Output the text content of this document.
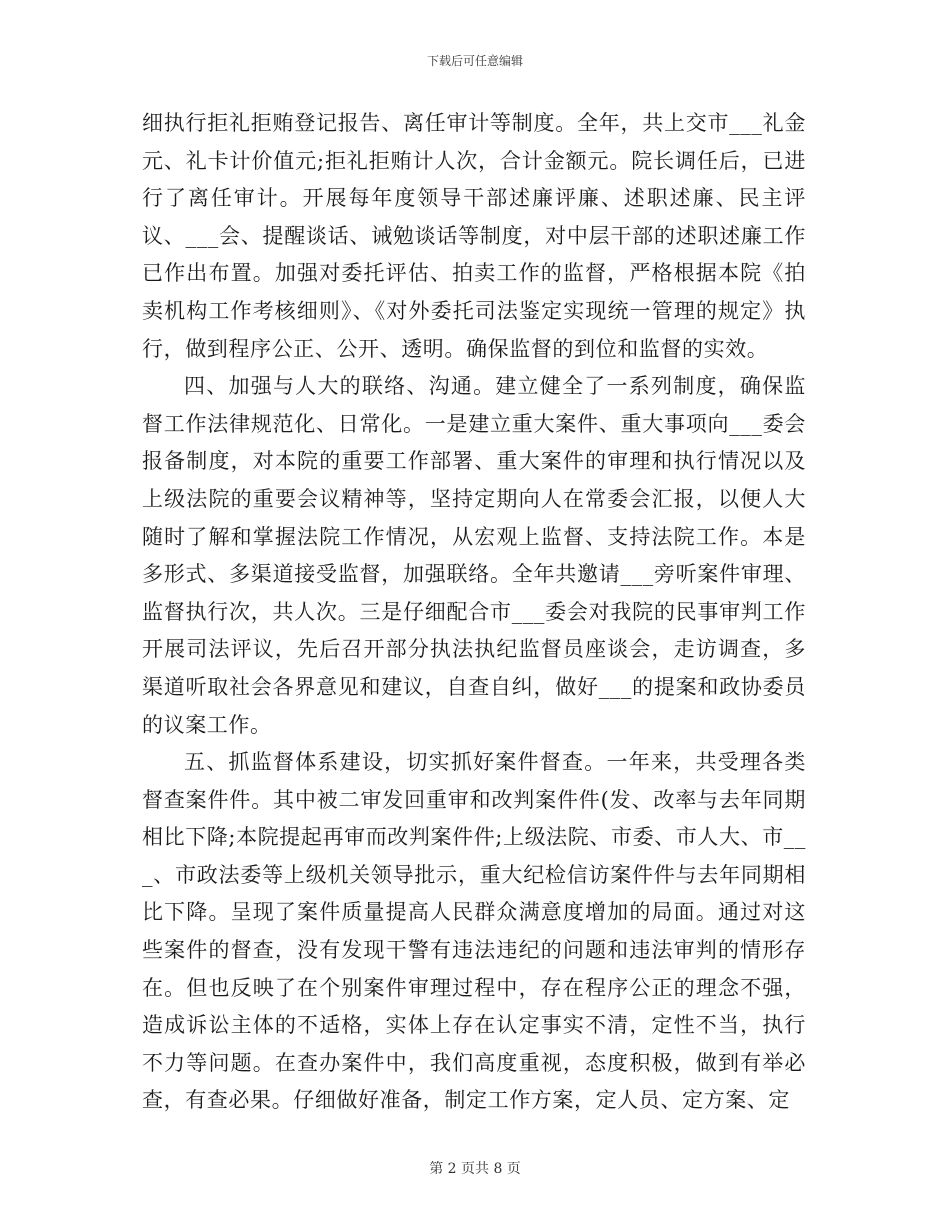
下载后可任意编辑

细执行拒礼拒贿登记报告、离任审计等制度。全年，共上交市___礼金元、礼卡计价值元;拒礼拒贿计人次，合计金额元。院长调任后，已进行了离任审计。开展每年度领导干部述廉评廉、述职述廉、民主评议、___会、提醒谈话、诫勉谈话等制度，对中层干部的述职述廉工作已作出布置。加强对委托评估、拍卖工作的监督，严格根据本院《拍卖机构工作考核细则》、《对外委托司法鉴定实现统一管理的规定》执行，做到程序公正、公开、透明。确保监督的到位和监督的实效。

四、加强与人大的联络、沟通。建立健全了一系列制度，确保监督工作法律规范化、日常化。一是建立重大案件、重大事项向___委会报备制度，对本院的重要工作部署、重大案件的审理和执行情况以及上级法院的重要会议精神等，坚持定期向人在常委会汇报，以便人大随时了解和掌握法院工作情况，从宏观上监督、支持法院工作。本是多形式、多渠道接受监督，加强联络。全年共邀请___旁听案件审理、监督执行次，共人次。三是仔细配合市___委会对我院的民事审判工作开展司法评议，先后召开部分执法执纪监督员座谈会，走访调查，多渠道听取社会各界意见和建议，自查自纠，做好___的提案和政协委员的议案工作。

五、抓监督体系建设，切实抓好案件督查。一年来，共受理各类督查案件件。其中被二审发回重审和改判案件件(发、改率与去年同期相比下降;本院提起再审而改判案件件;上级法院、市委、市人大、市___、市政法委等上级机关领导批示，重大纪检信访案件件与去年同期相比下降。呈现了案件质量提高人民群众满意度增加的局面。通过对这些案件的督查，没有发现干警有违法违纪的问题和违法审判的情形存在。但也反映了在个别案件审理过程中，存在程序公正的理念不强，造成诉讼主体的不适格，实体上存在认定事实不清，定性不当，执行不力等问题。在查办案件中，我们高度重视，态度积极，做到有举必查，有查必果。仔细做好准备，制定工作方案，定人员、定方案、定

第 2 页共 8 页
